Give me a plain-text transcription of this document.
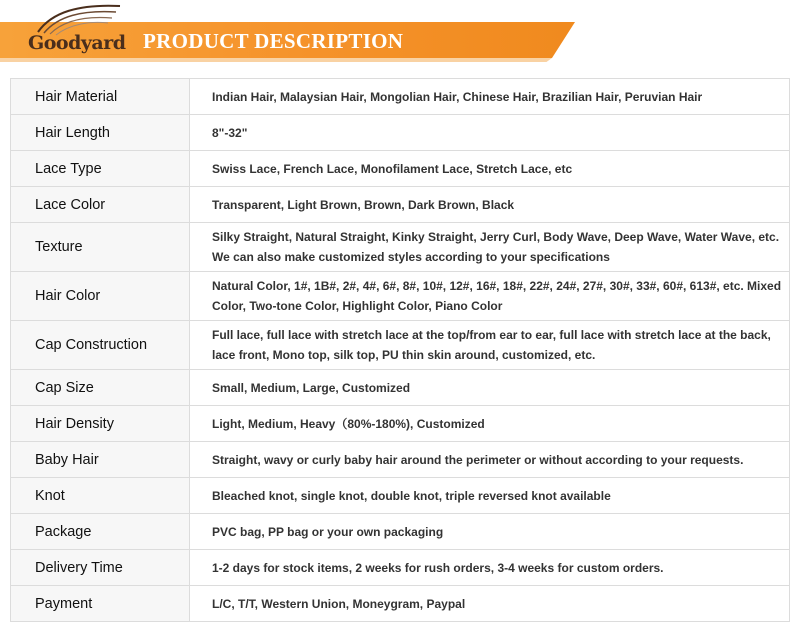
Goodyard PRODUCT DESCRIPTION
Hair Material	Indian Hair, Malaysian Hair, Mongolian Hair, Chinese Hair, Brazilian Hair, Peruvian Hair
Hair Length	8"-32"
Lace Type	Swiss Lace, French Lace, Monofilament Lace, Stretch Lace, etc
Lace Color	Transparent, Light Brown, Brown, Dark Brown, Black
Texture	Silky Straight, Natural Straight, Kinky Straight, Jerry Curl, Body Wave, Deep Wave, Water Wave, etc. We can also make customized styles according to your specifications
Hair Color	Natural Color, 1#, 1B#, 2#, 4#, 6#, 8#, 10#, 12#, 16#, 18#, 22#, 24#, 27#, 30#, 33#, 60#, 613#, etc. Mixed Color, Two-tone Color, Highlight Color, Piano Color
Cap Construction	Full lace, full lace with stretch lace at the top/from ear to ear, full lace with stretch lace at the back, lace front, Mono top, silk top, PU thin skin around, customized, etc.
Cap Size	Small, Medium, Large, Customized
Hair Density	Light, Medium, Heavy（80%-180%), Customized
Baby Hair	Straight, wavy or curly baby hair around the perimeter or without according to your requests.
Knot	Bleached knot, single knot, double knot, triple reversed knot available
Package	PVC bag, PP bag or your own packaging
Delivery Time	1-2 days for stock items, 2 weeks for rush orders, 3-4 weeks for custom orders.
Payment	L/C, T/T, Western Union, Moneygram, Paypal
